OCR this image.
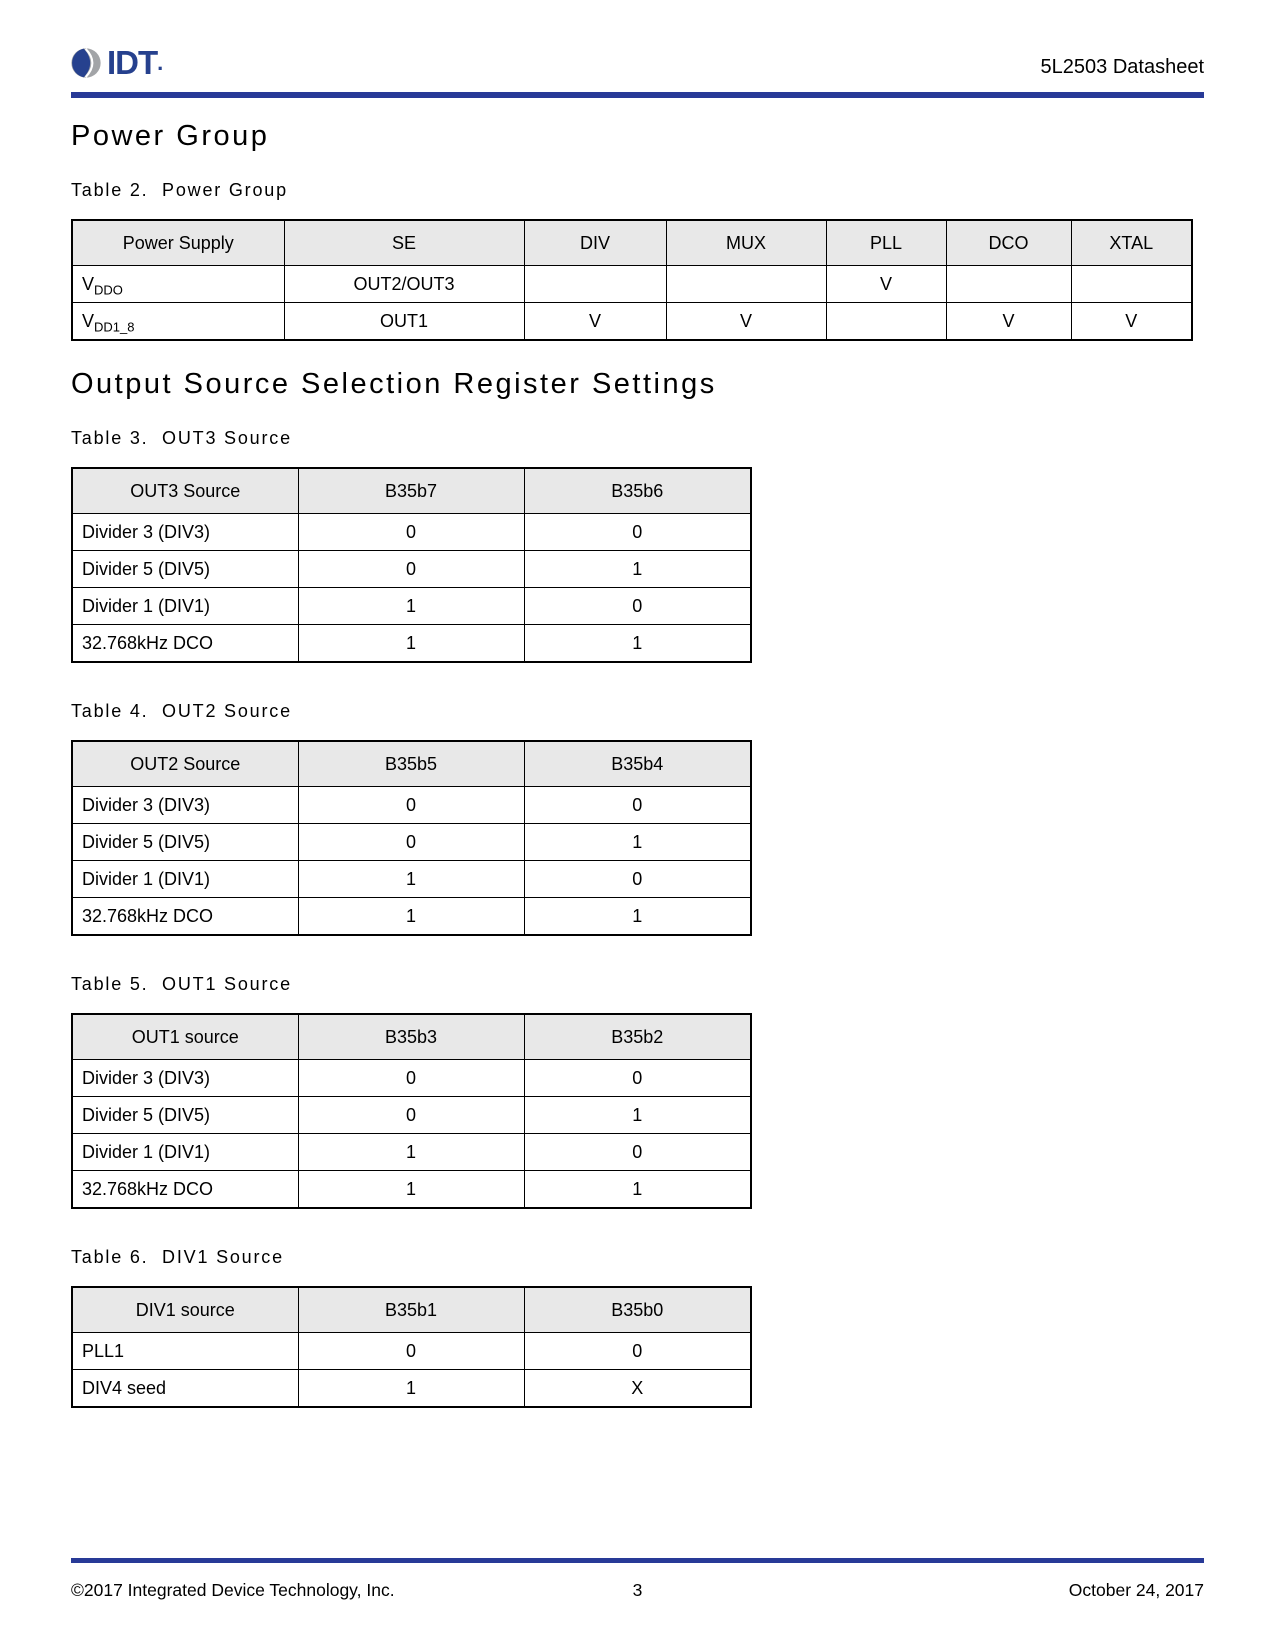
IDT .	5L2503 Datasheet
Power Group
Table 2.  Power Group
Power Supply	SE	DIV	MUX	PLL	DCO	XTAL
$V_{DDO}$	OUT2/OUT3			V		
$V_{DD1\_8}$	OUT1	V	V		V	V
Output Source Selection Register Settings
Table 3.  OUT3 Source
OUT3 Source	B35b7	B35b6
Divider 3 (DIV3)	0	0
Divider 5 (DIV5)	0	1
Divider 1 (DIV1)	1	0
32.768kHz DCO	1	1
Table 4.  OUT2 Source
OUT2 Source	B35b5	B35b4
Divider 3 (DIV3)	0	0
Divider 5 (DIV5)	0	1
Divider 1 (DIV1)	1	0
32.768kHz DCO	1	1
Table 5.  OUT1 Source
OUT1 source	B35b3	B35b2
Divider 3 (DIV3)	0	0
Divider 5 (DIV5)	0	1
Divider 1 (DIV1)	1	0
32.768kHz DCO	1	1
Table 6.  DIV1 Source
DIV1 source	B35b1	B35b0
PLL1	0	0
DIV4 seed	1	X
©2017 Integrated Device Technology, Inc.	3	October 24, 2017
